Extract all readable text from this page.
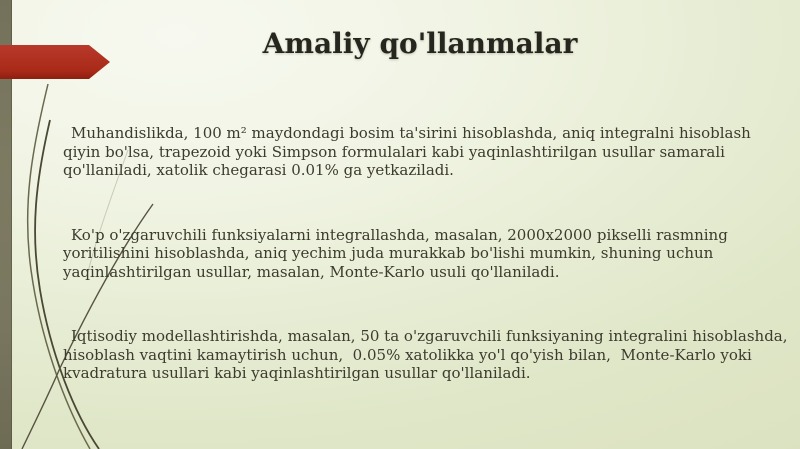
Amaliy qo'llanmalar

Muhandislikda, 100 m² maydondagi bosim ta'sirini hisoblashda, aniq integralni hisoblash
qiyin bo'lsa, trapezoid yoki Simpson formulalari kabi yaqinlashtirilgan usullar samarali
qo'llaniladi, xatolik chegarasi 0.01% ga yetkaziladi.

Ko'p o'zgaruvchili funksiyalarni integrallashda, masalan, 2000x2000 pikselli rasmning
yoritilishini hisoblashda, aniq yechim juda murakkab bo'lishi mumkin, shuning uchun
yaqinlashtirilgan usullar, masalan, Monte-Karlo usuli qo'llaniladi.

Iqtisodiy modellashtirishda, masalan, 50 ta o'zgaruvchili funksiyaning integralini hisoblashda,
hisoblash vaqtini kamaytirish uchun,  0.05% xatolikka yo'l qo'yish bilan,  Monte-Karlo yoki
kvadratura usullari kabi yaqinlashtirilgan usullar qo'llaniladi.
